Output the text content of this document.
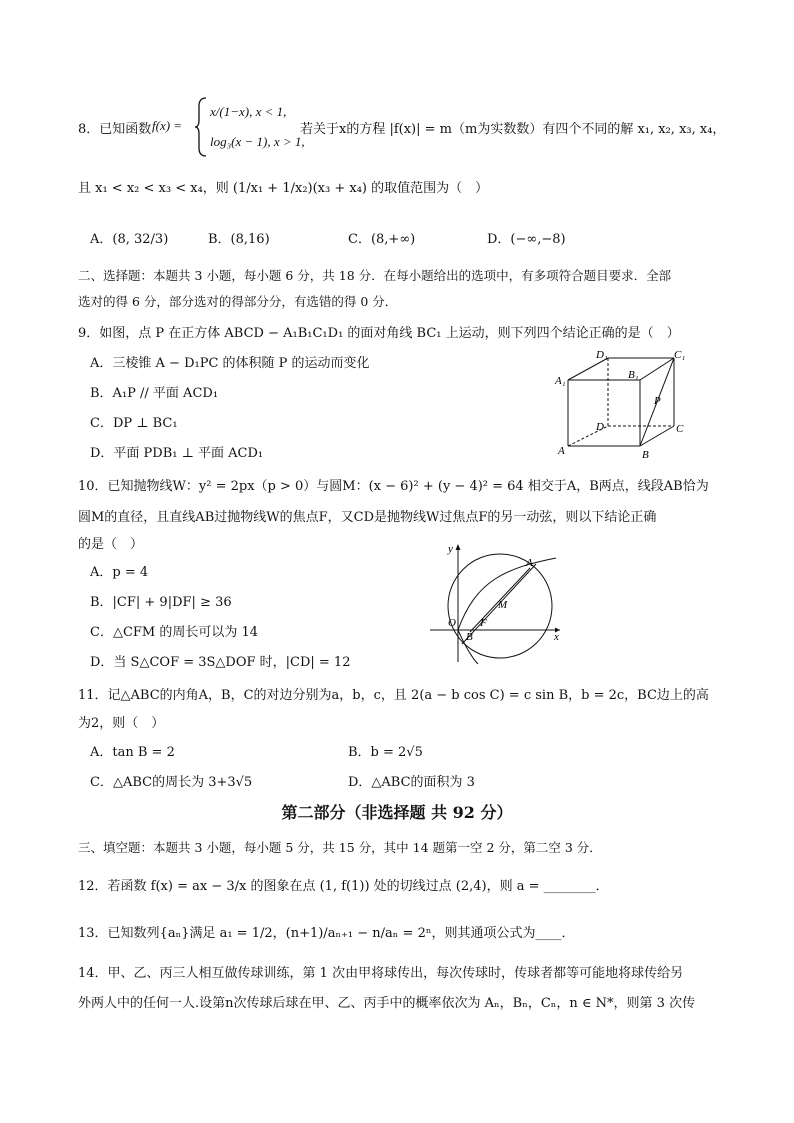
8．已知函数 f(x) =
x/(1−x), x < 1,
log₃(x − 1), x > 1,
若关于x的方程 |f(x)| = m（m为实数数）有四个不同的解 x₁, x₂, x₃, x₄，
且 x₁ < x₂ < x₃ < x₄，则 (1/x₁ + 1/x₂)(x₃ + x₄) 的取值范围为（　）
A．(8, 32/3)	B．(8,16)	C．(8,+∞)	D．(−∞,−8)
二、选择题：本题共 3 小题，每小题 6 分，共 18 分．在每小题给出的选项中，有多项符合题目要求．全部
选对的得 6 分，部分选对的得部分分，有选错的得 0 分．
9．如图，点 P 在正方体 ABCD − A₁B₁C₁D₁ 的面对角线 BC₁ 上运动，则下列四个结论正确的是（　）
A．三棱锥 A − D₁PC 的体积随 P 的运动而变化
B．A₁P // 平面 ACD₁
C．DP ⊥ BC₁
D．平面 PDB₁ ⊥ 平面 ACD₁
D₁	C₁
A₁	B₁
D	C
A	B
P
10．已知抛物线W：y² = 2px（p > 0）与圆M：(x − 6)² + (y − 4)² = 64 相交于A，B两点，线段AB恰为
圆M的直径，且直线AB过抛物线W的焦点F，又CD是抛物线W过焦点F的另一动弦，则以下结论正确
的是（　）
A．p = 4
B．|CF| + 9|DF| ≥ 36
C．△CFM 的周长可以为 14
D．当 S△COF = 3S△DOF 时，|CD| = 12
y
A
M
O F
B	x
11．记△ABC的内角A，B，C的对边分别为a，b，c，且 2(a − b cos C) = c sin B，b = 2c，BC边上的高
为2，则（　）
A．tan B = 2	B．b = 2√5
C．△ABC的周长为 3+3√5	D．△ABC的面积为 3
第二部分（非选择题 共 92 分）
三、填空题：本题共 3 小题，每小题 5 分，共 15 分，其中 14 题第一空 2 分，第二空 3 分．
12．若函数 f(x) = ax − 3/x 的图象在点 (1, f(1)) 处的切线过点 (2,4)，则 a = ________．
13．已知数列{aₙ}满足 a₁ = 1/2，(n+1)/aₙ₊₁ − n/aₙ = 2ⁿ，则其通项公式为____．
14．甲、乙、丙三人相互做传球训练，第 1 次由甲将球传出，每次传球时，传球者都等可能地将球传给另
外两人中的任何一人.设第n次传球后球在甲、乙、丙手中的概率依次为 Aₙ，Bₙ，Cₙ，n ∈ N*，则第 3 次传
